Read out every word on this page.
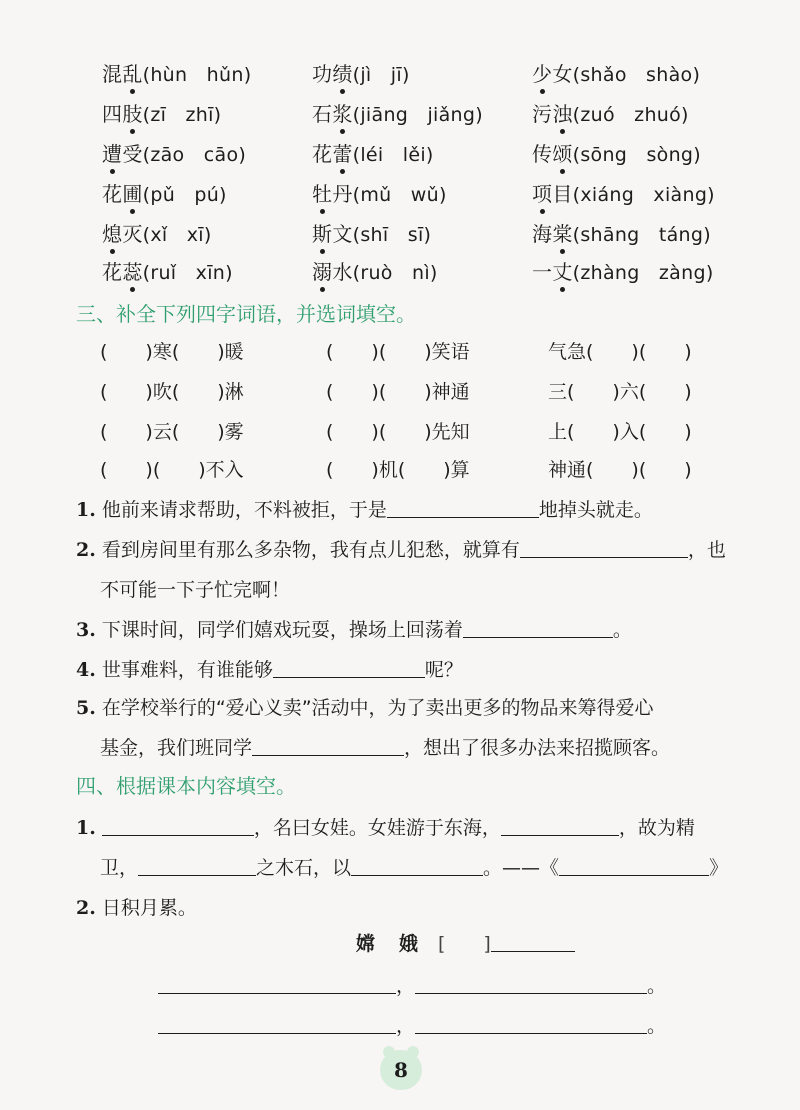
混乱(hùn　hǔn)	功绩(jì　jī)	少女(shǎo　shào)
四肢(zī　zhī)	石浆(jiāng　jiǎng) 污浊(zuó　zhuó)
遭受(zāo　cāo)	花蕾(léi　lěi)	传颂(sōng　sòng)
花圃(pǔ　pú)	牡丹(mǔ　wǔ)	项目(xiáng　xiàng)
熄灭(xǐ　xī)	斯文(shī　sī)	海棠(shāng　táng)
花蕊(ruǐ　xīn)	溺水(ruò　nì)	一丈(zhàng　zàng)
三、补全下列四字词语，并选词填空。
(　　)寒(　　)暖	(　　)(　　)笑语	气急(　　)(　　)
(　　)吹(　　)淋	(　　)(　　)神通	三(　　)六(　　)
(　　)云(　　)雾	(　　)(　　)先知	上(　　)入(　　)
(　　)(　　)不入	(　　)机(　　)算	神通(　　)(　　)
1. 他前来请求帮助，不料被拒，于是	地掉头就走。
2. 看到房间里有那么多杂物，我有点儿犯愁，就算有	，也
不可能一下子忙完啊！
3. 下课时间，同学们嬉戏玩耍，操场上回荡着	。
4. 世事难料，有谁能够	呢？
5. 在学校举行的“爱心义卖”活动中，为了卖出更多的物品来筹得爱心
基金，我们班同学	，想出了很多办法来招揽顾客。
四、根据课本内容填空。
1.	，名曰女娃。女娃游于东海，	，故为精
卫，	之木石，以	。——《	》
2. 日积月累。
嫦娥[　　]
，	。
，	。
8
